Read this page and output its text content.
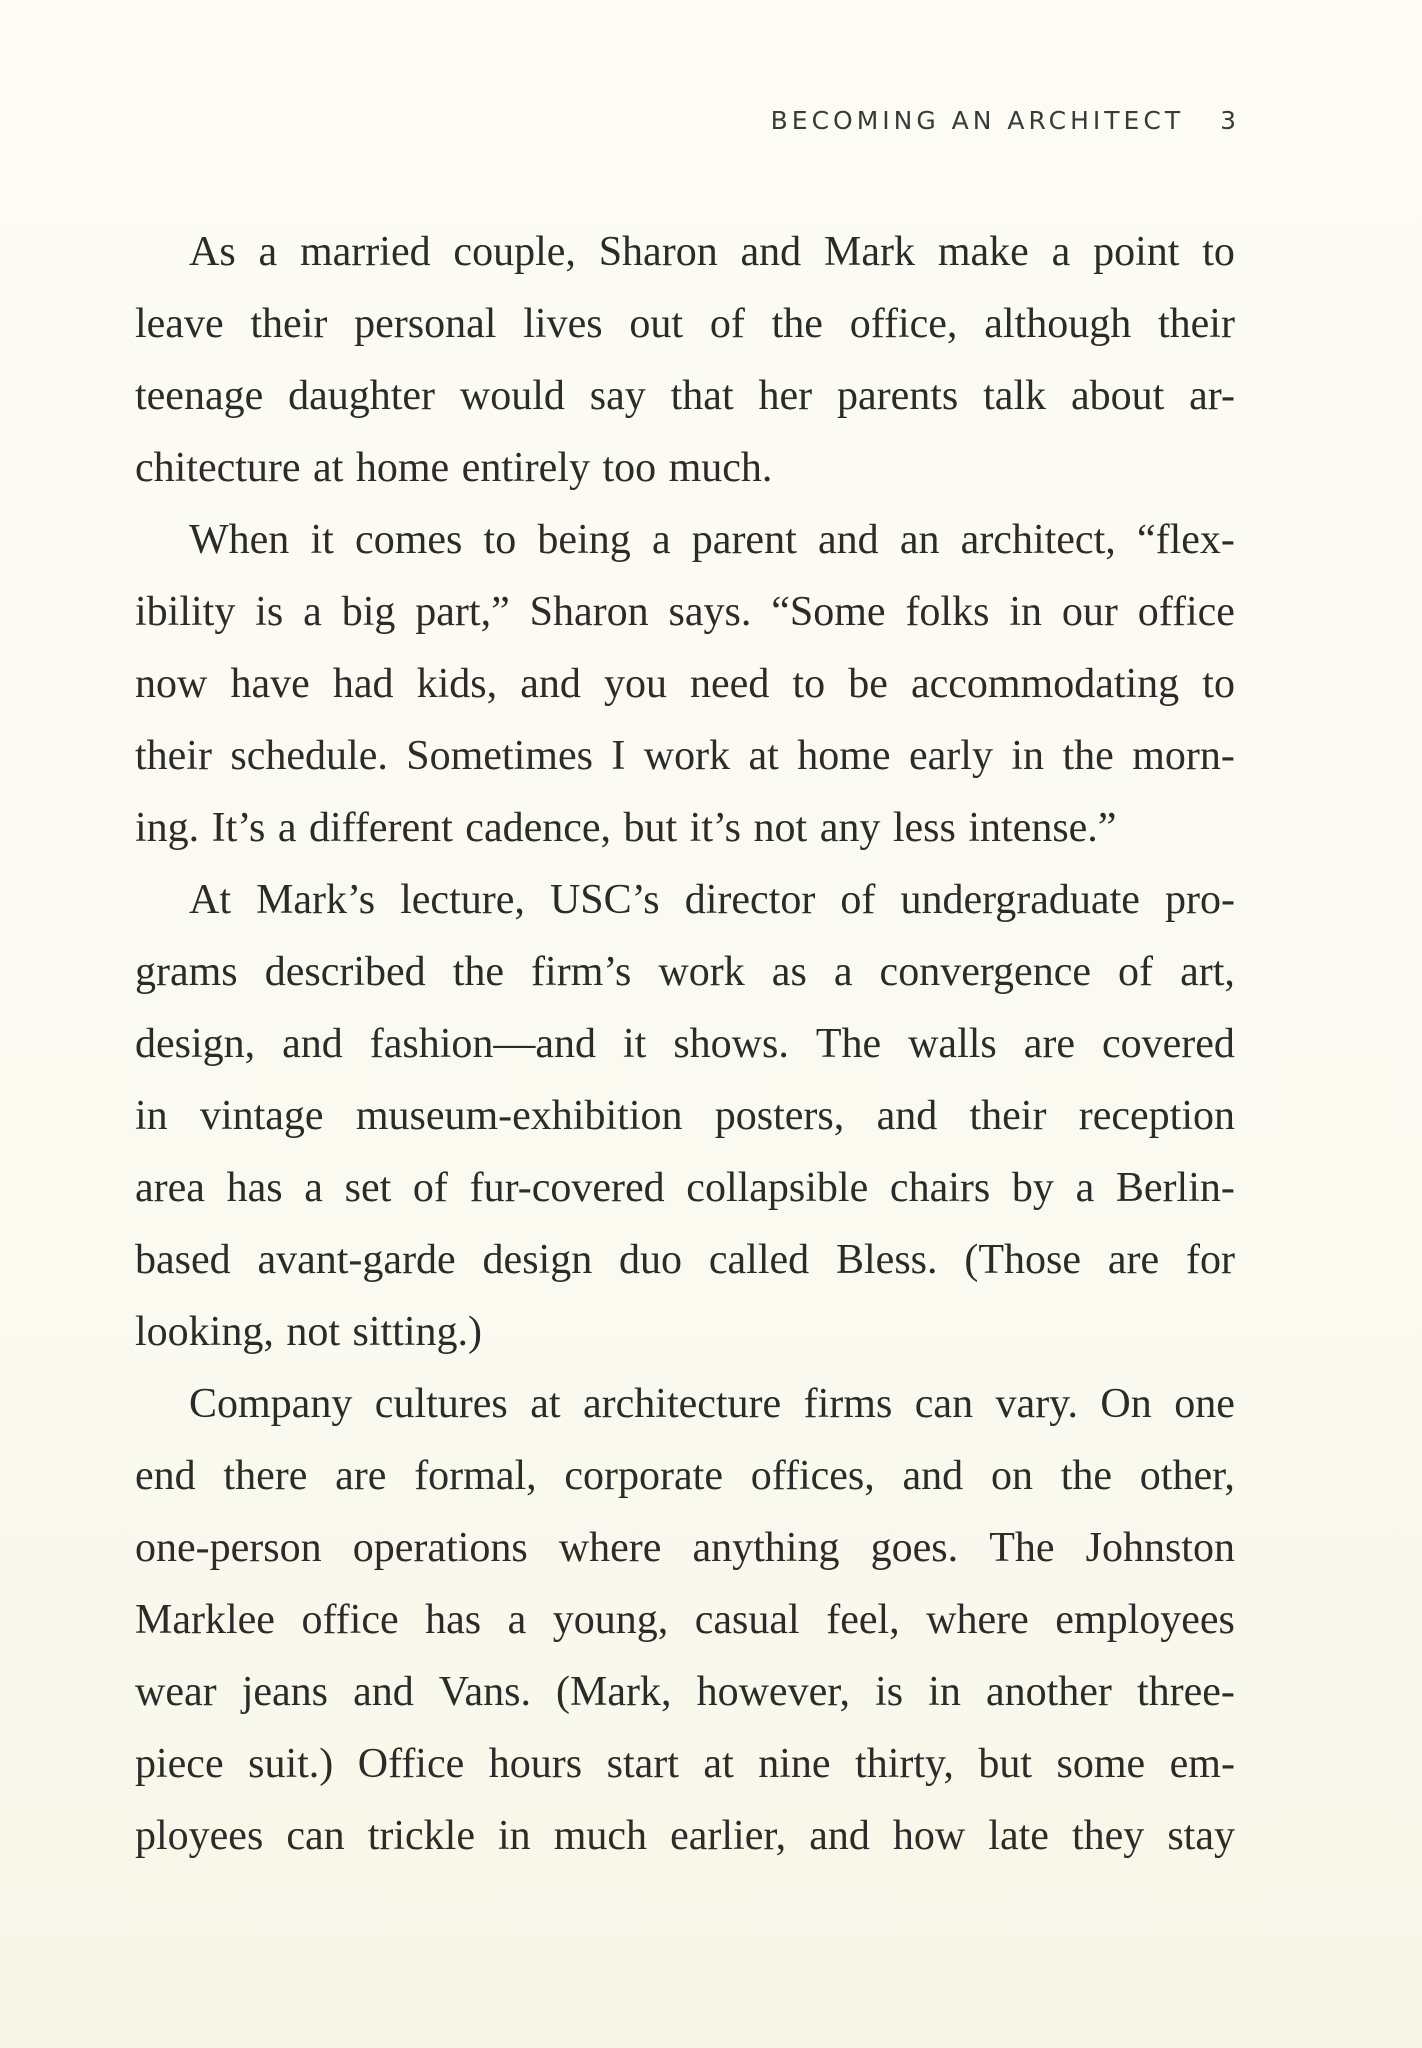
BECOMING AN ARCHITECT 3
As a married couple, Sharon and Mark make a point to
leave their personal lives out of the office, although their
teenage daughter would say that her parents talk about ar-
chitecture at home entirely too much.
When it comes to being a parent and an architect, “flex-
ibility is a big part,” Sharon says. “Some folks in our office
now have had kids, and you need to be accommodating to
their schedule. Sometimes I work at home early in the morn-
ing. It’s a different cadence, but it’s not any less intense.”
At Mark’s lecture, USC’s director of undergraduate pro-
grams described the firm’s work as a convergence of art,
design, and fashion—and it shows. The walls are covered
in vintage museum-exhibition posters, and their reception
area has a set of fur-covered collapsible chairs by a Berlin-
based avant-garde design duo called Bless. (Those are for
looking, not sitting.)
Company cultures at architecture firms can vary. On one
end there are formal, corporate offices, and on the other,
one-person operations where anything goes. The Johnston
Marklee office has a young, casual feel, where employees
wear jeans and Vans. (Mark, however, is in another three-
piece suit.) Office hours start at nine thirty, but some em-
ployees can trickle in much earlier, and how late they stay
